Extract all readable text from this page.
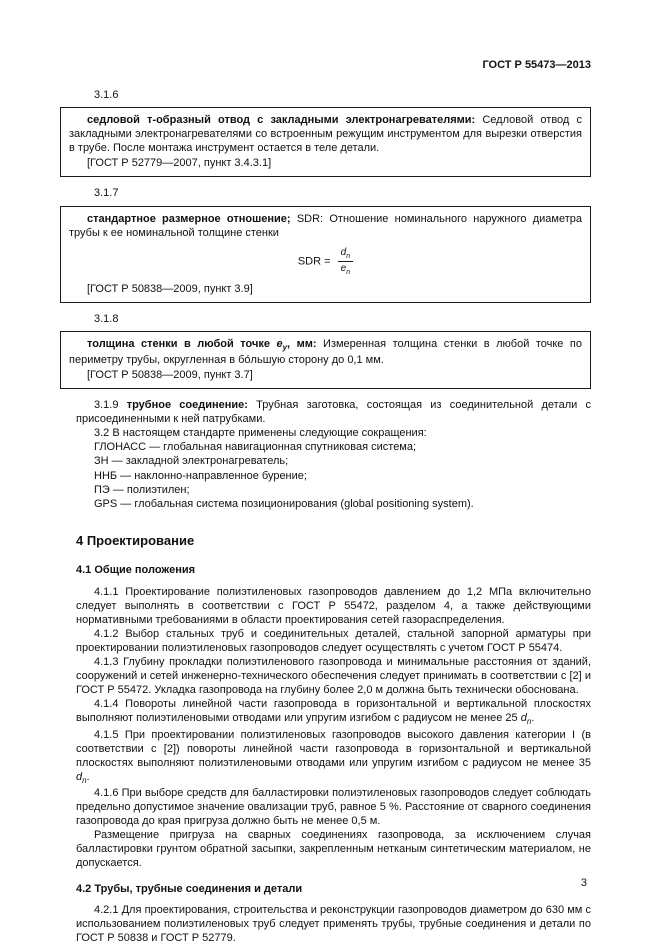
ГОСТ Р 55473—2013

3.1.6

седловой т-образный отвод с закладными электронагревателями: Седловой отвод с закладными электронагревателями со встроенным режущим инструментом для вырезки отверстия в трубе. После монтажа инструмент остается в теле детали.

[ГОСТ Р 52779—2007, пункт 3.4.3.1]

3.1.7

стандартное размерное отношение; SDR: Отношение номинального наружного диаметра трубы к ее номинальной толщине стенки

SDR = $\frac{d_n}{e_n}$

[ГОСТ Р 50838—2009, пункт 3.9]

3.1.8

толщина стенки в любой точке $e_y$, мм: Измеренная толщина стенки в любой точке по периметру трубы, округленная в бо́льшую сторону до 0,1 мм.

[ГОСТ Р 50838—2009, пункт 3.7]

3.1.9 трубное соединение: Трубная заготовка, состоящая из соединительной детали с присоединенными к ней патрубками.

3.2 В настоящем стандарте применены следующие сокращения:

ГЛОНАСС — глобальная навигационная спутниковая система;

ЗН — закладной электронагреватель;

ННБ — наклонно-направленное бурение;

ПЭ — полиэтилен;

GPS — глобальная система позиционирования (global positioning system).

4 Проектирование
4.1 Общие положения

4.1.1 Проектирование полиэтиленовых газопроводов давлением до 1,2 МПа включительно следует выполнять в соответствии с ГОСТ Р 55472, разделом 4, а также действующими нормативными требованиями в области проектирования сетей газораспределения.

4.1.2 Выбор стальных труб и соединительных деталей, стальной запорной арматуры при проектировании полиэтиленовых газопроводов следует осуществлять с учетом ГОСТ Р 55474.

4.1.3 Глубину прокладки полиэтиленового газопровода и минимальные расстояния от зданий, сооружений и сетей инженерно-технического обеспечения следует принимать в соответствии с [2] и ГОСТ Р 55472. Укладка газопровода на глубину более 2,0 м должна быть технически обоснована.

4.1.4 Повороты линейной части газопровода в горизонтальной и вертикальной плоскостях выполняют полиэтиленовыми отводами или упругим изгибом с радиусом не менее 25 $d_n$.

4.1.5 При проектировании полиэтиленовых газопроводов высокого давления категории I (в соответствии с [2]) повороты линейной части газопровода в горизонтальной и вертикальной плоскостях выполняют полиэтиленовыми отводами или упругим изгибом с радиусом не менее 35 $d_n$.

4.1.6 При выборе средств для балластировки полиэтиленовых газопроводов следует соблюдать предельно допустимое значение овализации труб, равное 5 %. Расстояние от сварного соединения газопровода до края пригруза должно быть не менее 0,5 м.

Размещение пригруза на сварных соединениях газопровода, за исключением случая балластировки грунтом обратной засыпки, закрепленным нетканым синтетическим материалом, не допускается.

4.2 Трубы, трубные соединения и детали

4.2.1 Для проектирования, строительства и реконструкции газопроводов диаметром до 630 мм с использованием полиэтиленовых труб следует применять трубы, трубные соединения и детали по ГОСТ Р 50838 и ГОСТ Р 52779.

3
